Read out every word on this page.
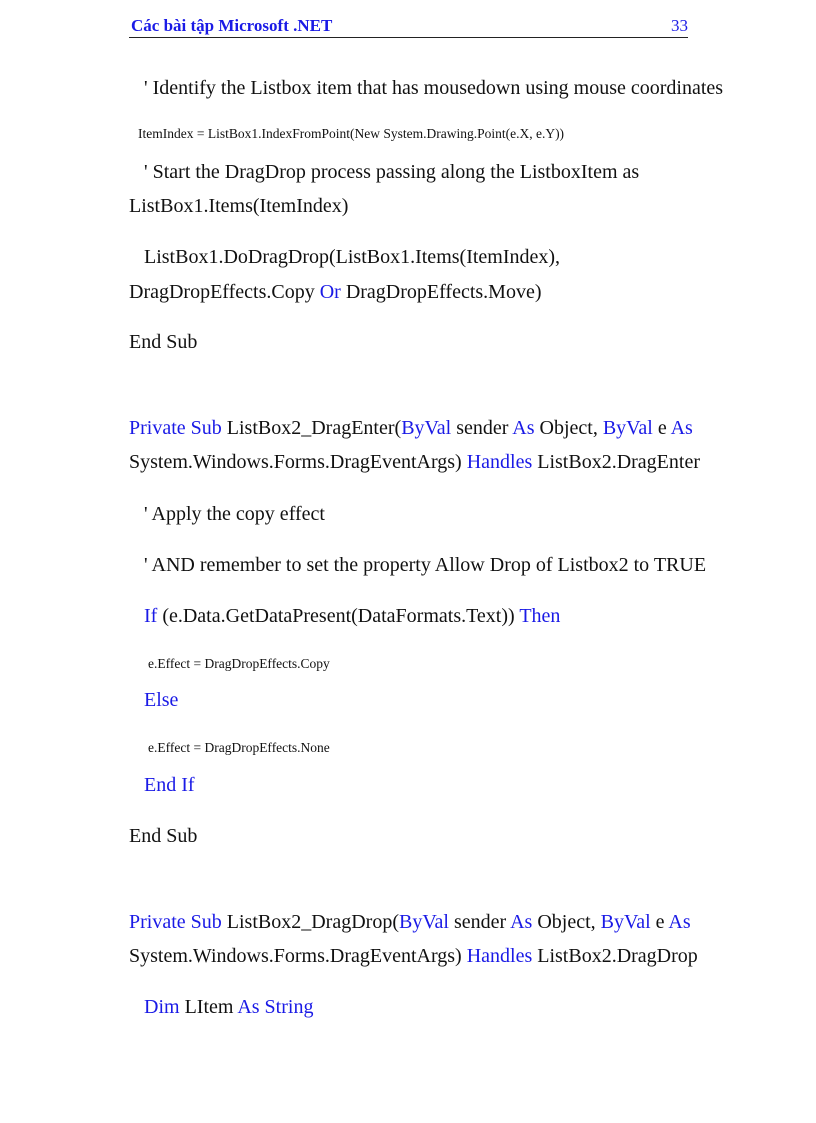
Các bài tập Microsoft .NET	33
' Identify the Listbox item that has mousedown using mouse coordinates
ItemIndex = ListBox1.IndexFromPoint(New System.Drawing.Point(e.X, e.Y))
' Start the DragDrop process passing along the ListboxItem as
ListBox1.Items(ItemIndex)
ListBox1.DoDragDrop(ListBox1.Items(ItemIndex),
DragDropEffects.Copy Or DragDropEffects.Move)
End Sub
Private Sub ListBox2_DragEnter(ByVal sender As Object, ByVal e As
System.Windows.Forms.DragEventArgs) Handles ListBox2.DragEnter
' Apply the copy effect
' AND remember to set the property Allow Drop of Listbox2 to TRUE
If (e.Data.GetDataPresent(DataFormats.Text)) Then
e.Effect = DragDropEffects.Copy
Else
e.Effect = DragDropEffects.None
End If
End Sub
Private Sub ListBox2_DragDrop(ByVal sender As Object, ByVal e As
System.Windows.Forms.DragEventArgs) Handles ListBox2.DragDrop
Dim LItem As String
